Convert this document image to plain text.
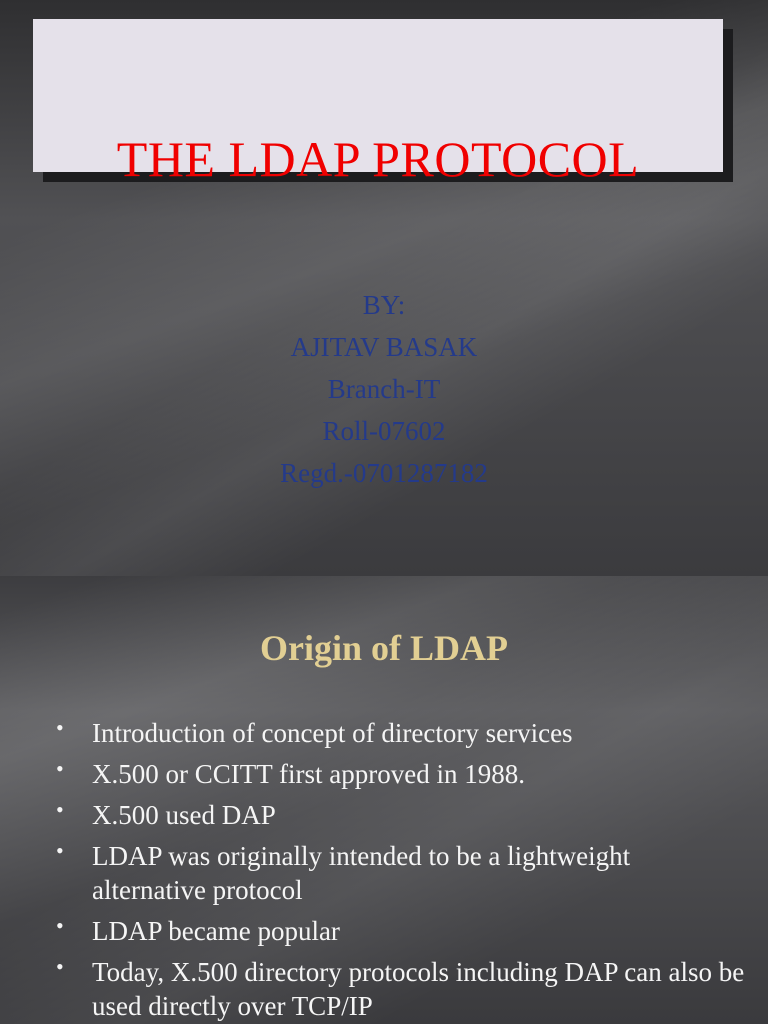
THE LDAP PROTOCOL
BY:
AJITAV BASAK
Branch-IT
Roll-07602
Regd.-0701287182
Origin of LDAP
• Introduction of concept of directory services
• X.500 or CCITT first approved in 1988.
• X.500 used DAP
• LDAP was originally intended to be a lightweight alternative protocol
• LDAP became popular
• Today, X.500 directory protocols including DAP can also be used directly over TCP/IP
